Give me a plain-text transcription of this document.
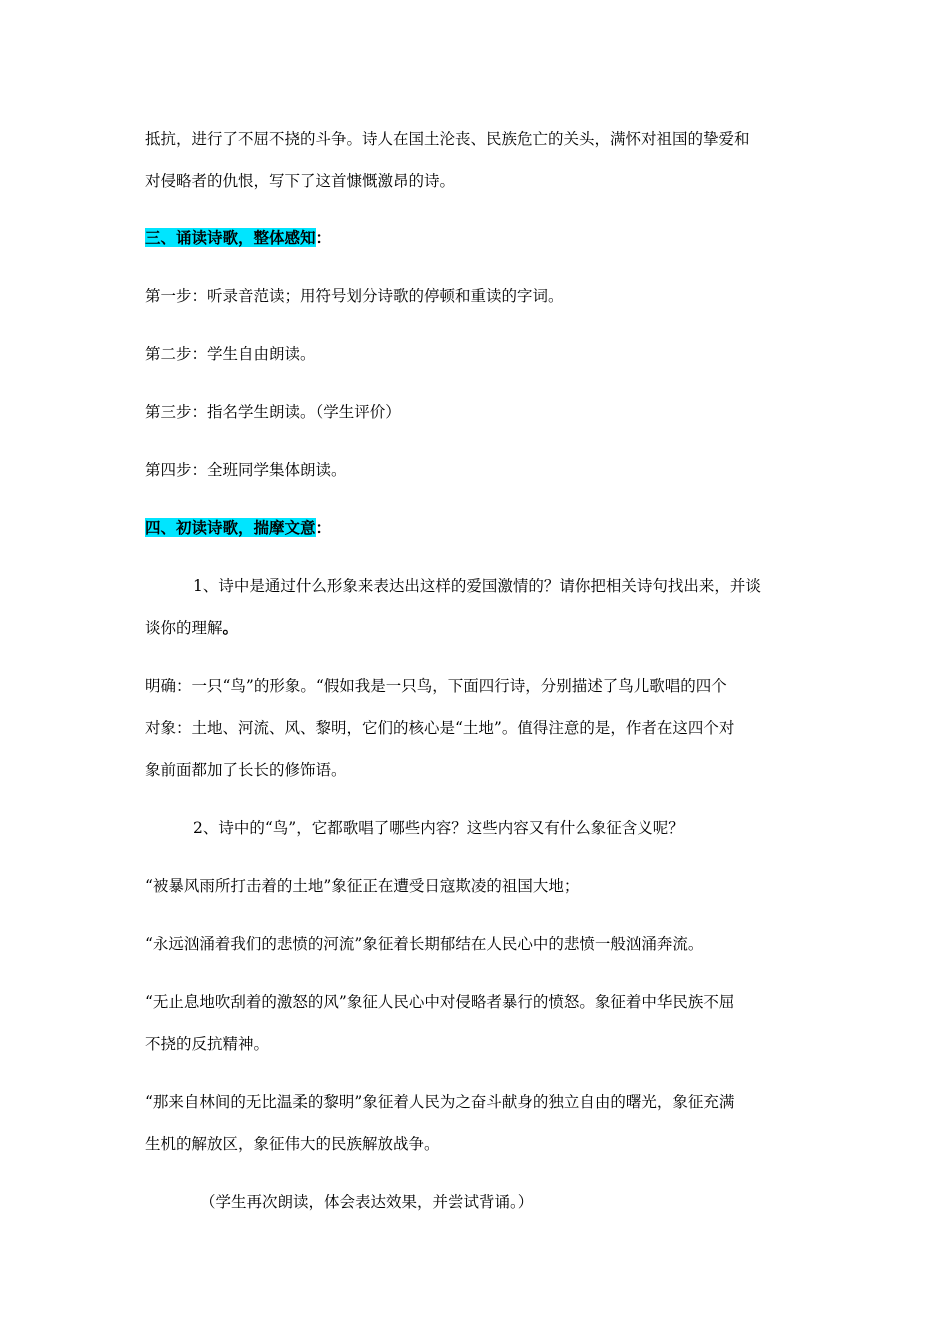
抵抗，进行了不屈不挠的斗争。诗人在国土沦丧、民族危亡的关头，满怀对祖国的挚爱和
对侵略者的仇恨，写下了这首慷慨激昂的诗。
三、诵读诗歌，整体感知：
第一步：听录音范读；用符号划分诗歌的停顿和重读的字词。
第二步：学生自由朗读。
第三步：指名学生朗读。（学生评价）
第四步：全班同学集体朗读。
四、初读诗歌，揣摩文意：
1、诗中是通过什么形象来表达出这样的爱国激情的？请你把相关诗句找出来，并谈
谈你的理解。
明确：一只“鸟”的形象。“假如我是一只鸟，下面四行诗，分别描述了鸟儿歌唱的四个
对象：土地、河流、风、黎明，它们的核心是“土地”。值得注意的是，作者在这四个对
象前面都加了长长的修饰语。
2、诗中的“鸟”，它都歌唱了哪些内容？这些内容又有什么象征含义呢？
“被暴风雨所打击着的土地”象征正在遭受日寇欺凌的祖国大地；
“永远汹涌着我们的悲愤的河流”象征着长期郁结在人民心中的悲愤一般汹涌奔流。
“无止息地吹刮着的激怒的风”象征人民心中对侵略者暴行的愤怒。象征着中华民族不屈
不挠的反抗精神。
“那来自林间的无比温柔的黎明”象征着人民为之奋斗献身的独立自由的曙光，象征充满
生机的解放区，象征伟大的民族解放战争。
（学生再次朗读，体会表达效果，并尝试背诵。）
